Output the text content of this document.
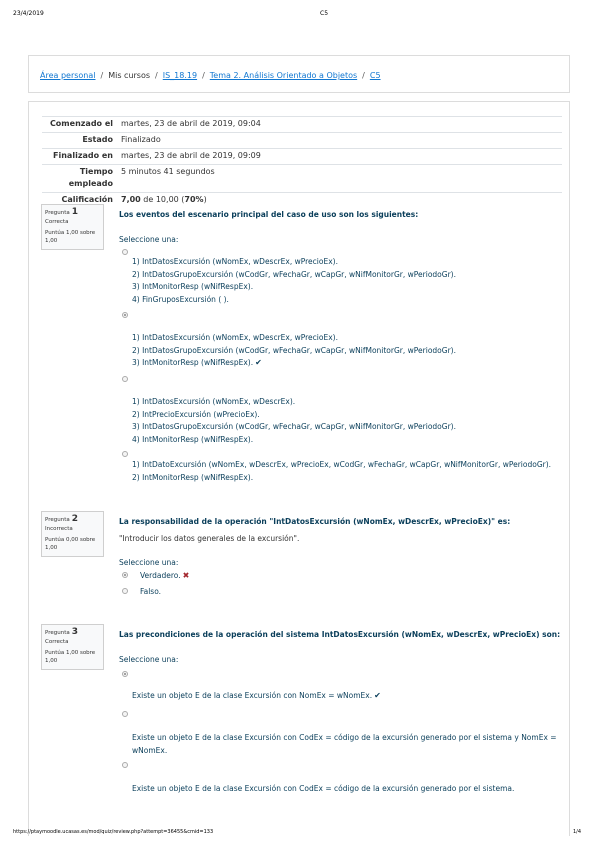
23/4/2019	C5
Área personal / Mis cursos / IS_18.19 / Tema 2. Análisis Orientado a Objetos / C5
Comenzado el	martes, 23 de abril de 2019, 09:04
Estado	Finalizado
Finalizado en	martes, 23 de abril de 2019, 09:09
Tiempo empleado	5 minutos 41 segundos
Calificación	7,00 de 10,00 (70%)
Pregunta 1
Correcta
Puntúa 1,00 sobre 1,00
Los eventos del escenario principal del caso de uso son los siguientes:
Seleccione una:
1) IntDatosExcursión (wNomEx, wDescrEx, wPrecioEx).
2) IntDatosGrupoExcursión (wCodGr, wFechaGr, wCapGr, wNifMonitorGr, wPeriodoGr).
3) IntMonitorResp (wNifRespEx).
4) FinGruposExcursión ( ).
1) IntDatosExcursión (wNomEx, wDescrEx, wPrecioEx).
2) IntDatosGrupoExcursión (wCodGr, wFechaGr, wCapGr, wNifMonitorGr, wPeriodoGr).
3) IntMonitorResp (wNifRespEx). ✔
1) IntDatosExcursión (wNomEx, wDescrEx).
2) IntPrecioExcursión (wPrecioEx).
3) IntDatosGrupoExcursión (wCodGr, wFechaGr, wCapGr, wNifMonitorGr, wPeriodoGr).
4) IntMonitorResp (wNifRespEx).
1) IntDatoExcursión (wNomEx, wDescrEx, wPrecioEx, wCodGr, wFechaGr, wCapGr, wNifMonitorGr, wPeriodoGr).
2) IntMonitorResp (wNifRespEx).
Pregunta 2
Incorrecta
Puntúa 0,00 sobre 1,00
La responsabilidad de la operación "IntDatosExcursión (wNomEx, wDescrEx, wPrecioEx)" es:
"Introducir los datos generales de la excursión".
Seleccione una:
Verdadero. ✖
Falso.
Pregunta 3
Correcta
Puntúa 1,00 sobre 1,00
Las precondiciones de la operación del sistema IntDatosExcursión (wNomEx, wDescrEx, wPrecioEx) son:
Seleccione una:
Existe un objeto E de la clase Excursión con NomEx = wNomEx. ✔
Existe un objeto E de la clase Excursión con CodEx = código de la excursión generado por el sistema y NomEx =
wNomEx.
Existe un objeto E de la clase Excursión con CodEx = código de la excursión generado por el sistema.
https://ptaymoodle.ucasas.es/mod/quiz/review.php?attempt=36455&cmid=133	1/4
